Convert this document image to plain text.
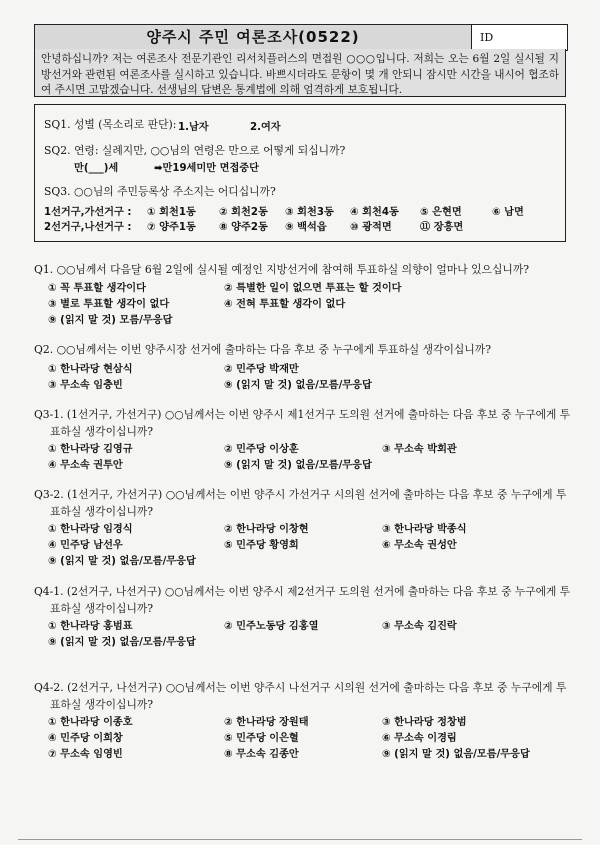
양주시 주민 여론조사(0522)	ID
안녕하십니까? 저는 여론조사 전문기관인 리서치플러스의 면접원 ○○○입니다. 저희는 오는 6월 2일 실시될 지방선거와 관련된 여론조사를 실시하고 있습니다. 바쁘시더라도 문항이 몇 개 안되니 잠시만 시간을 내시어 협조하여 주시면 고맙겠습니다. 선생님의 답변은 통계법에 의해 엄격하게 보호됩니다.
SQ1. 성별 (목소리로 판단): 1.남자	2.여자
SQ2. 연령: 실례지만, ○○님의 연령은 만으로 어떻게 되십니까?
만(___)세	➡만19세미만 면접중단
SQ3. ○○님의 주민등록상 주소지는 어디십니까?
1선거구,가선거구 : ① 회천1동 ② 회천2동 ③ 회천3동 ④ 회천4동 ⑤ 은현면	⑥ 남면
2선거구,나선거구 : ⑦ 양주1동 ⑧ 양주2동 ⑨ 백석읍 ⑩ 광적면	⑪ 장흥면
Q1. ○○님께서 다음달 6월 2일에 실시될 예정인 지방선거에 참여해 투표하실 의향이 얼마나 있으십니까?
① 꼭 투표할 생각이다	② 특별한 일이 없으면 투표는 할 것이다
③ 별로 투표할 생각이 없다	④ 전혀 투표할 생각이 없다
⑨ (읽지 말 것) 모름/무응답
Q2. ○○님께서는 이번 양주시장 선거에 출마하는 다음 후보 중 누구에게 투표하실 생각이십니까?
① 한나라당 현삼식	② 민주당 박재만
③ 무소속 임충빈	⑨ (읽지 말 것) 없음/모름/무응답
Q3-1. (1선거구, 가선거구) ○○님께서는 이번 양주시 제1선거구 도의원 선거에 출마하는 다음 후보 중 누구에게 투
표하실 생각이십니까?
① 한나라당 김영규	② 민주당 이상훈	③ 무소속 박회관
④ 무소속 권투안	⑨ (읽지 말 것) 없음/모름/무응답
Q3-2. (1선거구, 가선거구) ○○님께서는 이번 양주시 가선거구 시의원 선거에 출마하는 다음 후보 중 누구에게 투
표하실 생각이십니까?
① 한나라당 임경식	② 한나라당 이창현	③ 한나라당 박종식
④ 민주당 남선우	⑤ 민주당 황영희	⑥ 무소속 권성안
⑨ (읽지 말 것) 없음/모름/무응답
Q4-1. (2선거구, 나선거구) ○○님께서는 이번 양주시 제2선거구 도의원 선거에 출마하는 다음 후보 중 누구에게 투
표하실 생각이십니까?
① 한나라당 홍범표	② 민주노동당 김홍열	③ 무소속 김진락
⑨ (읽지 말 것) 없음/모름/무응답
Q4-2. (2선거구, 나선거구) ○○님께서는 이번 양주시 나선거구 시의원 선거에 출마하는 다음 후보 중 누구에게 투
표하실 생각이십니까?
① 한나라당 이종호	② 한나라당 장원태	③ 한나라당 정창범
④ 민주당 이희창	⑤ 민주당 이은혈	⑥ 무소속 이경림
⑦ 무소속 임영빈	⑧ 무소속 김종안	⑨ (읽지 말 것) 없음/모름/무응답
